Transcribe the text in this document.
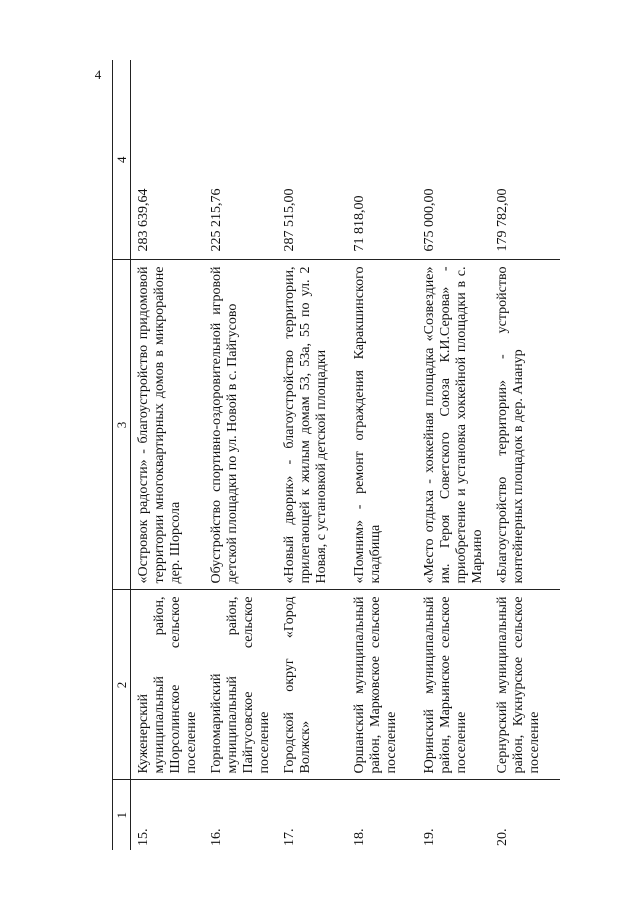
4
1	2	3	4
15.	Куженерский муниципальный район, Шорсолинское сельское поселение	«Островок радости» - благоустройство придомовой территории многоквартирных домов в микрорайоне дер. Шорсола	283 639,64
16.	Горномарийский муниципальный район, Пайгусовское сельское поселение	Обустройство спортивно-оздоровительной игровой детской площадки по ул. Новой в с. Пайгусово	225 215,76
17.	Городской округ «Город Волжск»	«Новый дворик» - благоустройство территории, прилегающей к жилым домам 53, 53а, 55 по ул. 2 Новая, с установкой детской площадки	287 515,00
18.	Оршанский муниципальный район, Марковское сельское поселение	«Помним» - ремонт ограждения Каракшинского кладбища	71 818,00
19.	Юринский муниципальный район, Марьинское сельское поселение	«Место отдыха - хоккейная площадка «Созвездие» им. Героя Советского Союза К.И.Серова» - приобретение и установка хоккейной площадки в с. Марьино	675 000,00
20.	Сернурский муниципальный район, Кукнурское сельское поселение	«Благоустройство территории» - устройство контейнерных площадок в дер. Ананур	179 782,00
